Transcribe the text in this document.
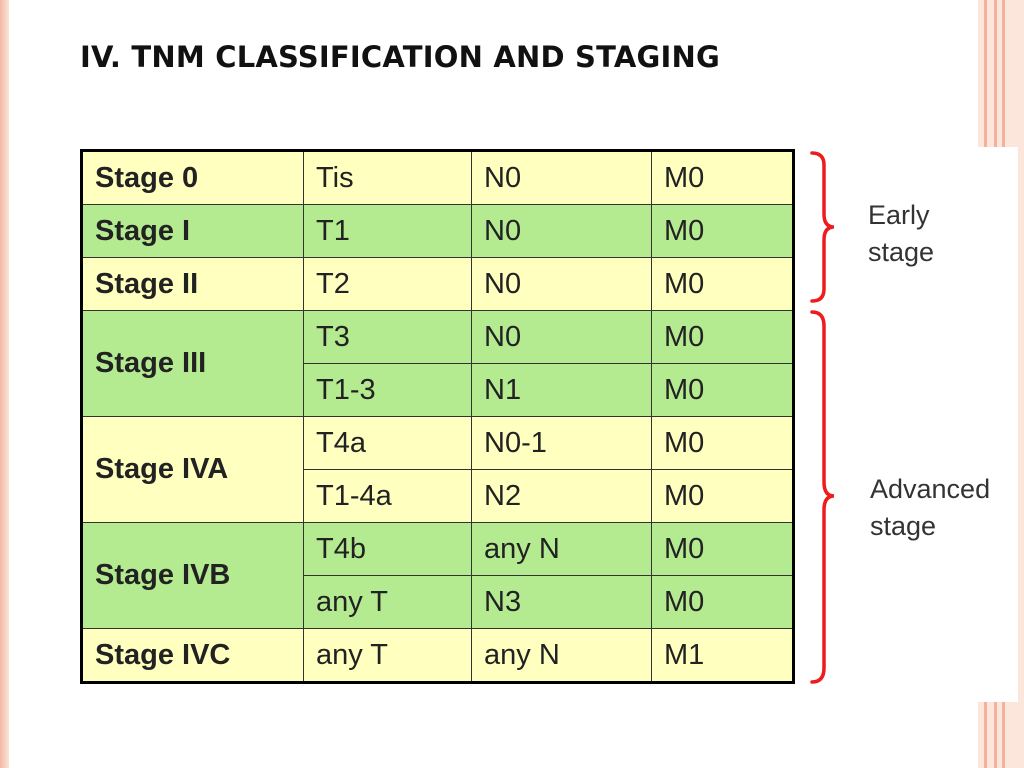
IV. TNM CLASSIFICATION AND STAGING
Stage 0	Tis	N0	M0
Stage I	T1	N0	M0
Stage II	T2	N0	M0
Stage III	T3	N0	M0
	T1-3	N1	M0
Stage IVA	T4a	N0-1	M0
	T1-4a	N2	M0
Stage IVB	T4b	any N	M0
	any T	N3	M0
Stage IVC	any T	any N	M1
Early
stage
Advanced
stage
